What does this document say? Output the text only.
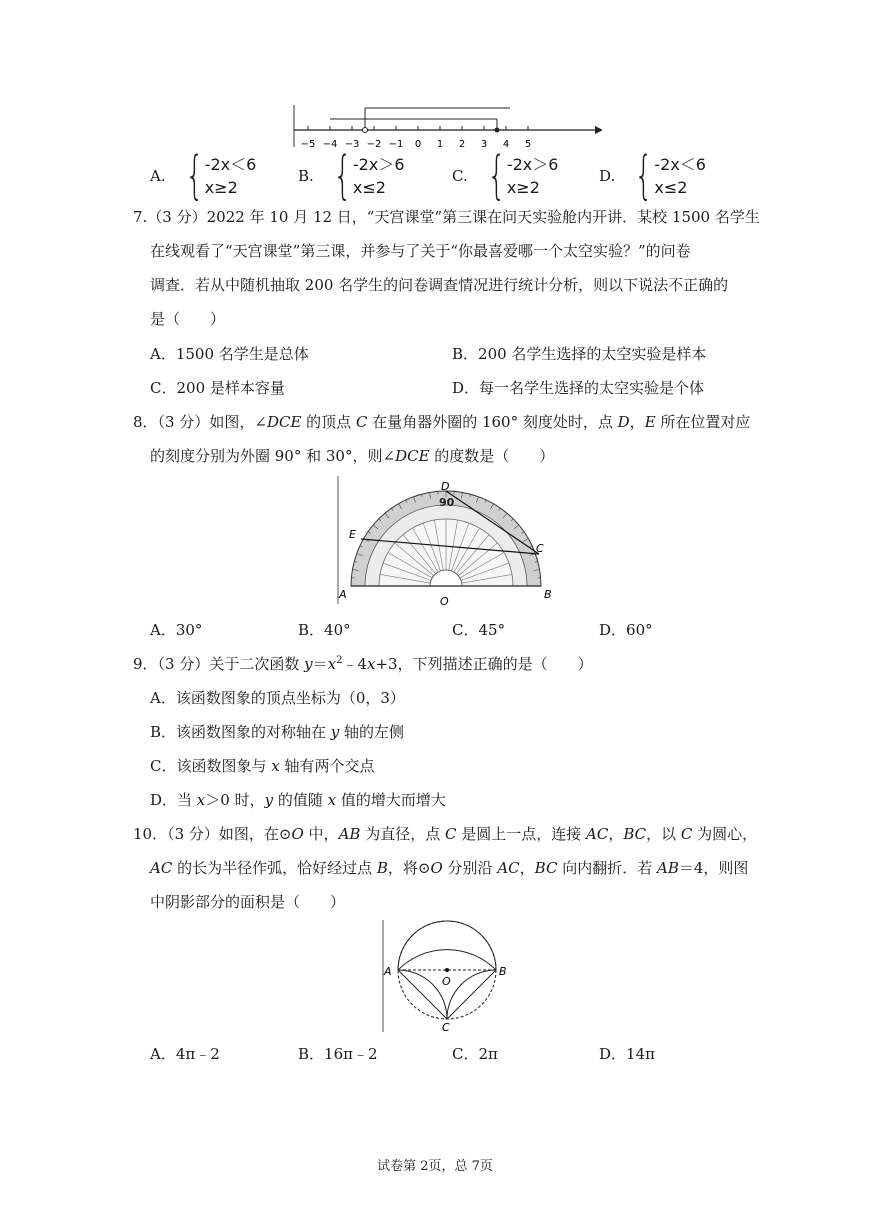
−5 −4 −3 −2 −1 0 1 2 3 4 5
A. { -2x＜6
x≥2
B. { -2x＞6
x≤2
C. { -2x＞6
x≥2
D. { -2x＜6
x≤2
7.（3 分）2022 年 10 月 12 日，“天宫课堂”第三课在问天实验舱内开讲．某校 1500 名学生
在线观看了“天宫课堂”第三课，并参与了关于“你最喜爱哪一个太空实验？”的问卷
调查．若从中随机抽取 200 名学生的问卷调查情况进行统计分析，则以下说法不正确的
是（　　）
A．1500 名学生是总体	B．200 名学生选择的太空实验是样本
C．200 是样本容量	D．每一名学生选择的太空实验是个体
8．（3 分）如图，∠DCE 的顶点 C 在量角器外圈的 160° 刻度处时，点 D，E 所在位置对应
的刻度分别为外圈 90° 和 30°，则∠DCE 的度数是（　　）
D
90
E
C
A
O
B
A．30°	B．40°	C．45°	D．60°
9．（3 分）关于二次函数 $y=x^2﹣4x+3$，下列描述正确的是（　　）
A．该函数图象的顶点坐标为（0，3）
B．该函数图象的对称轴在 y 轴的左侧
C．该函数图象与 x 轴有两个交点
D．当 x＞0 时，y 的值随 x 值的增大而增大
10．（3 分）如图，在⊙O 中，AB 为直径，点 C 是圆上一点，连接 AC，BC，以 C 为圆心，
AC 的长为半径作弧，恰好经过点 B，将⊙O 分别沿 AC，BC 向内翻折．若 AB＝4，则图
中阴影部分的面积是（　　）
A	B
O
C
A．4π﹣2	B．16π﹣2	C．2π	D．14π
试卷第 2页，总 7页
